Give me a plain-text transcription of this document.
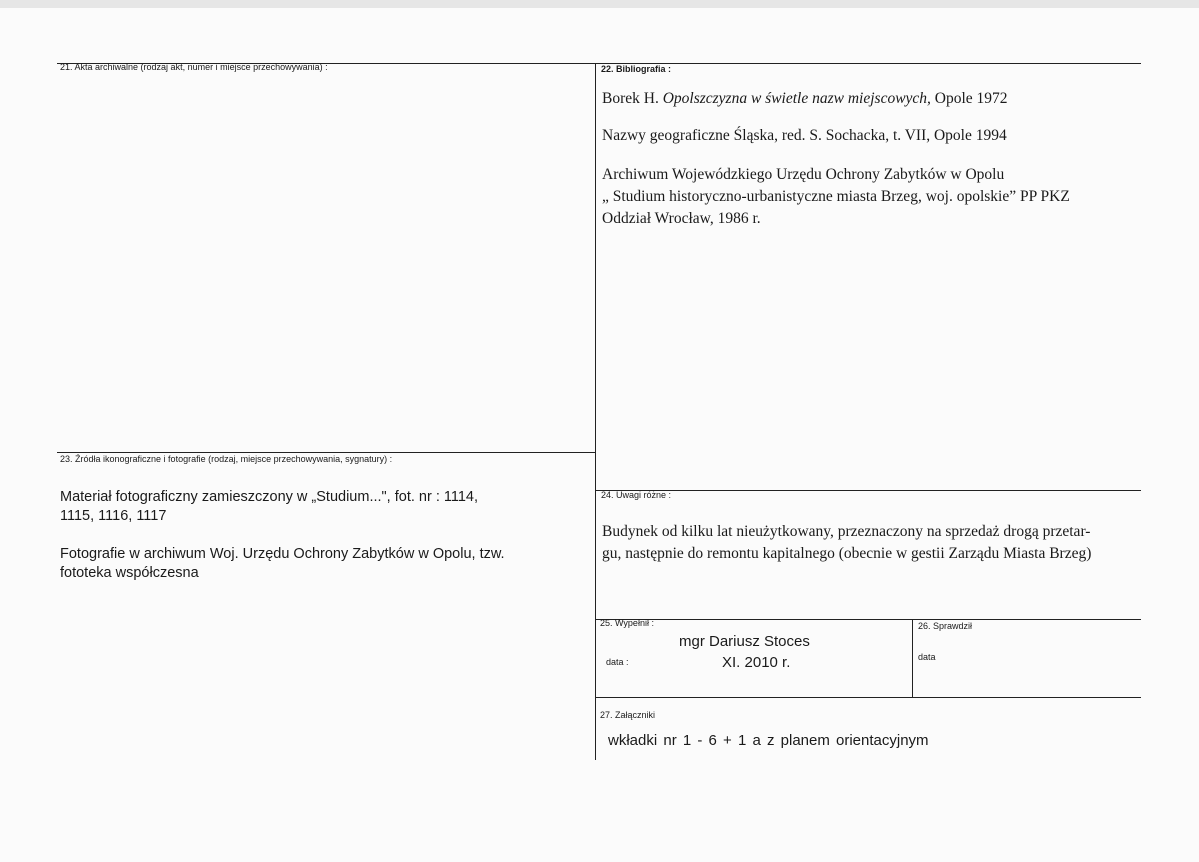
21. Akta archiwalne (rodzaj akt, numer i miejsce przechowywania) :	22. Bibliografia :
Borek H. Opolszczyzna w świetle nazw miejscowych, Opole 1972
Nazwy geograficzne Śląska, red. S. Sochacka, t. VII, Opole 1994
Archiwum Wojewódzkiego Urzędu Ochrony Zabytków w Opolu
„ Studium historyczno-urbanistyczne miasta Brzeg, woj. opolskie” PP PKZ
Oddział Wrocław, 1986 r.
23. Źródła ikonograficzne i fotografie (rodzaj, miejsce przechowywania, sygnatury) :
Materiał fotograficzny zamieszczony w „Studium...", fot. nr : 1114,
1115, 1116, 1117
Fotografie w archiwum Woj. Urzędu Ochrony Zabytków w Opolu, tzw.
fototeka współczesna
24. Uwagi różne :
Budynek od kilku lat nieużytkowany, przeznaczony na sprzedaż drogą przetar-
gu, następnie do remontu kapitalnego (obecnie w gestii Zarządu Miasta Brzeg)
25. Wypełnił :
mgr Dariusz Stoces
data :	XI. 2010 r.
26. Sprawdził
data
27. Załączniki
wkładki nr 1 - 6 + 1 a z planem orientacyjnym
